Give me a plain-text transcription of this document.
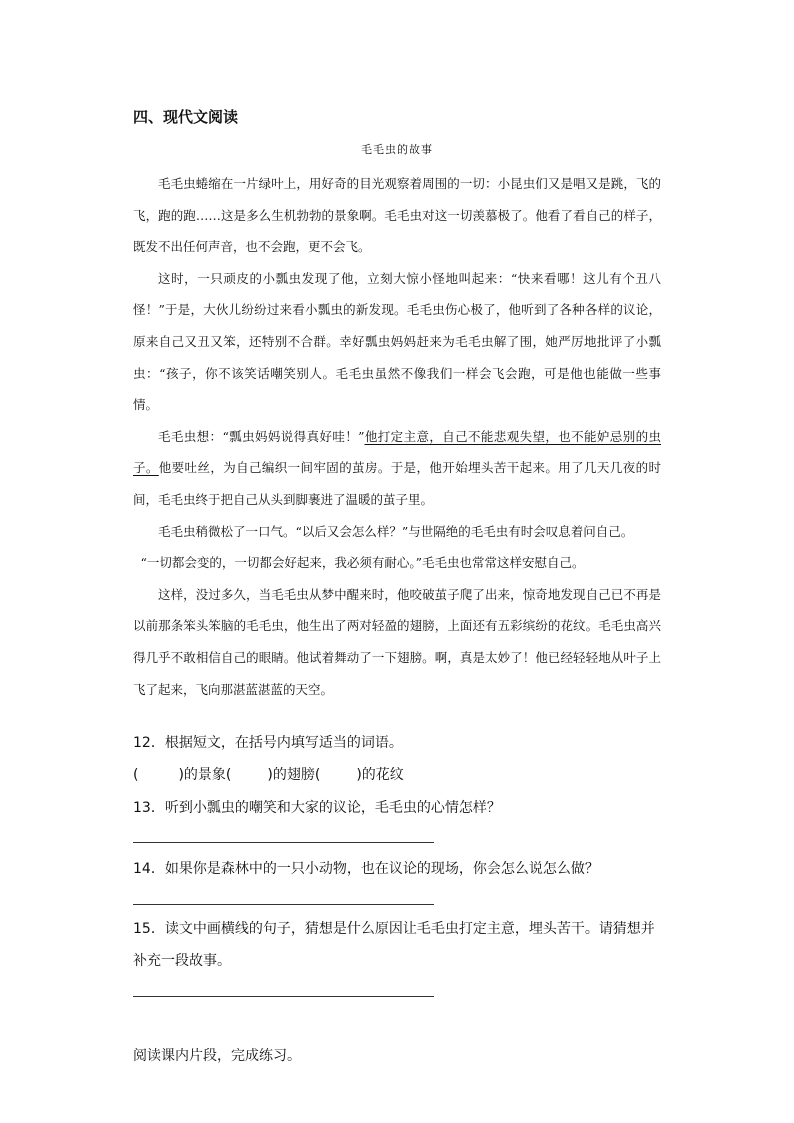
四、现代文阅读
毛毛虫的故事

毛毛虫蜷缩在一片绿叶上，用好奇的目光观察着周围的一切：小昆虫们又是唱又是跳，飞的飞，跑的跑……这是多么生机勃勃的景象啊。毛毛虫对这一切羡慕极了。他看了看自己的样子，既发不出任何声音，也不会跑，更不会飞。

这时，一只顽皮的小瓢虫发现了他，立刻大惊小怪地叫起来：“快来看哪！这儿有个丑八怪！”于是，大伙儿纷纷过来看小瓢虫的新发现。毛毛虫伤心极了，他听到了各种各样的议论，原来自己又丑又笨，还特别不合群。幸好瓢虫妈妈赶来为毛毛虫解了围，她严厉地批评了小瓢虫：“孩子，你不该笑话嘲笑别人。毛毛虫虽然不像我们一样会飞会跑，可是他也能做一些事情。

毛毛虫想：“瓢虫妈妈说得真好哇！”他打定主意，自己不能悲观失望，也不能妒忌别的虫子。他要吐丝，为自己编织一间牢固的茧房。于是，他开始埋头苦干起来。用了几天几夜的时间，毛毛虫终于把自己从头到脚裹进了温暖的茧子里。

毛毛虫稍微松了一口气。“以后又会怎么样？”与世隔绝的毛毛虫有时会叹息着问自己。

“一切都会变的，一切都会好起来，我必须有耐心。”毛毛虫也常常这样安慰自己。

这样，没过多久，当毛毛虫从梦中醒来时，他咬破茧子爬了出来，惊奇地发现自己已不再是以前那条笨头笨脑的毛毛虫，他生出了两对轻盈的翅膀，上面还有五彩缤纷的花纹。毛毛虫高兴得几乎不敢相信自己的眼睛。他试着舞动了一下翅膀。啊，真是太妙了！他已经轻轻地从叶子上飞了起来，飞向那湛蓝湛蓝的天空。

12．根据短文，在括号内填写适当的词语。
(	)的景象(	)的翅膀(	)的花纹
13．听到小瓢虫的嘲笑和大家的议论，毛毛虫的心情怎样？
14．如果你是森林中的一只小动物，也在议论的现场，你会怎么说怎么做？
15．读文中画横线的句子，猜想是什么原因让毛毛虫打定主意，埋头苦干。请猜想并补充一段故事。
阅读课内片段，完成练习。
